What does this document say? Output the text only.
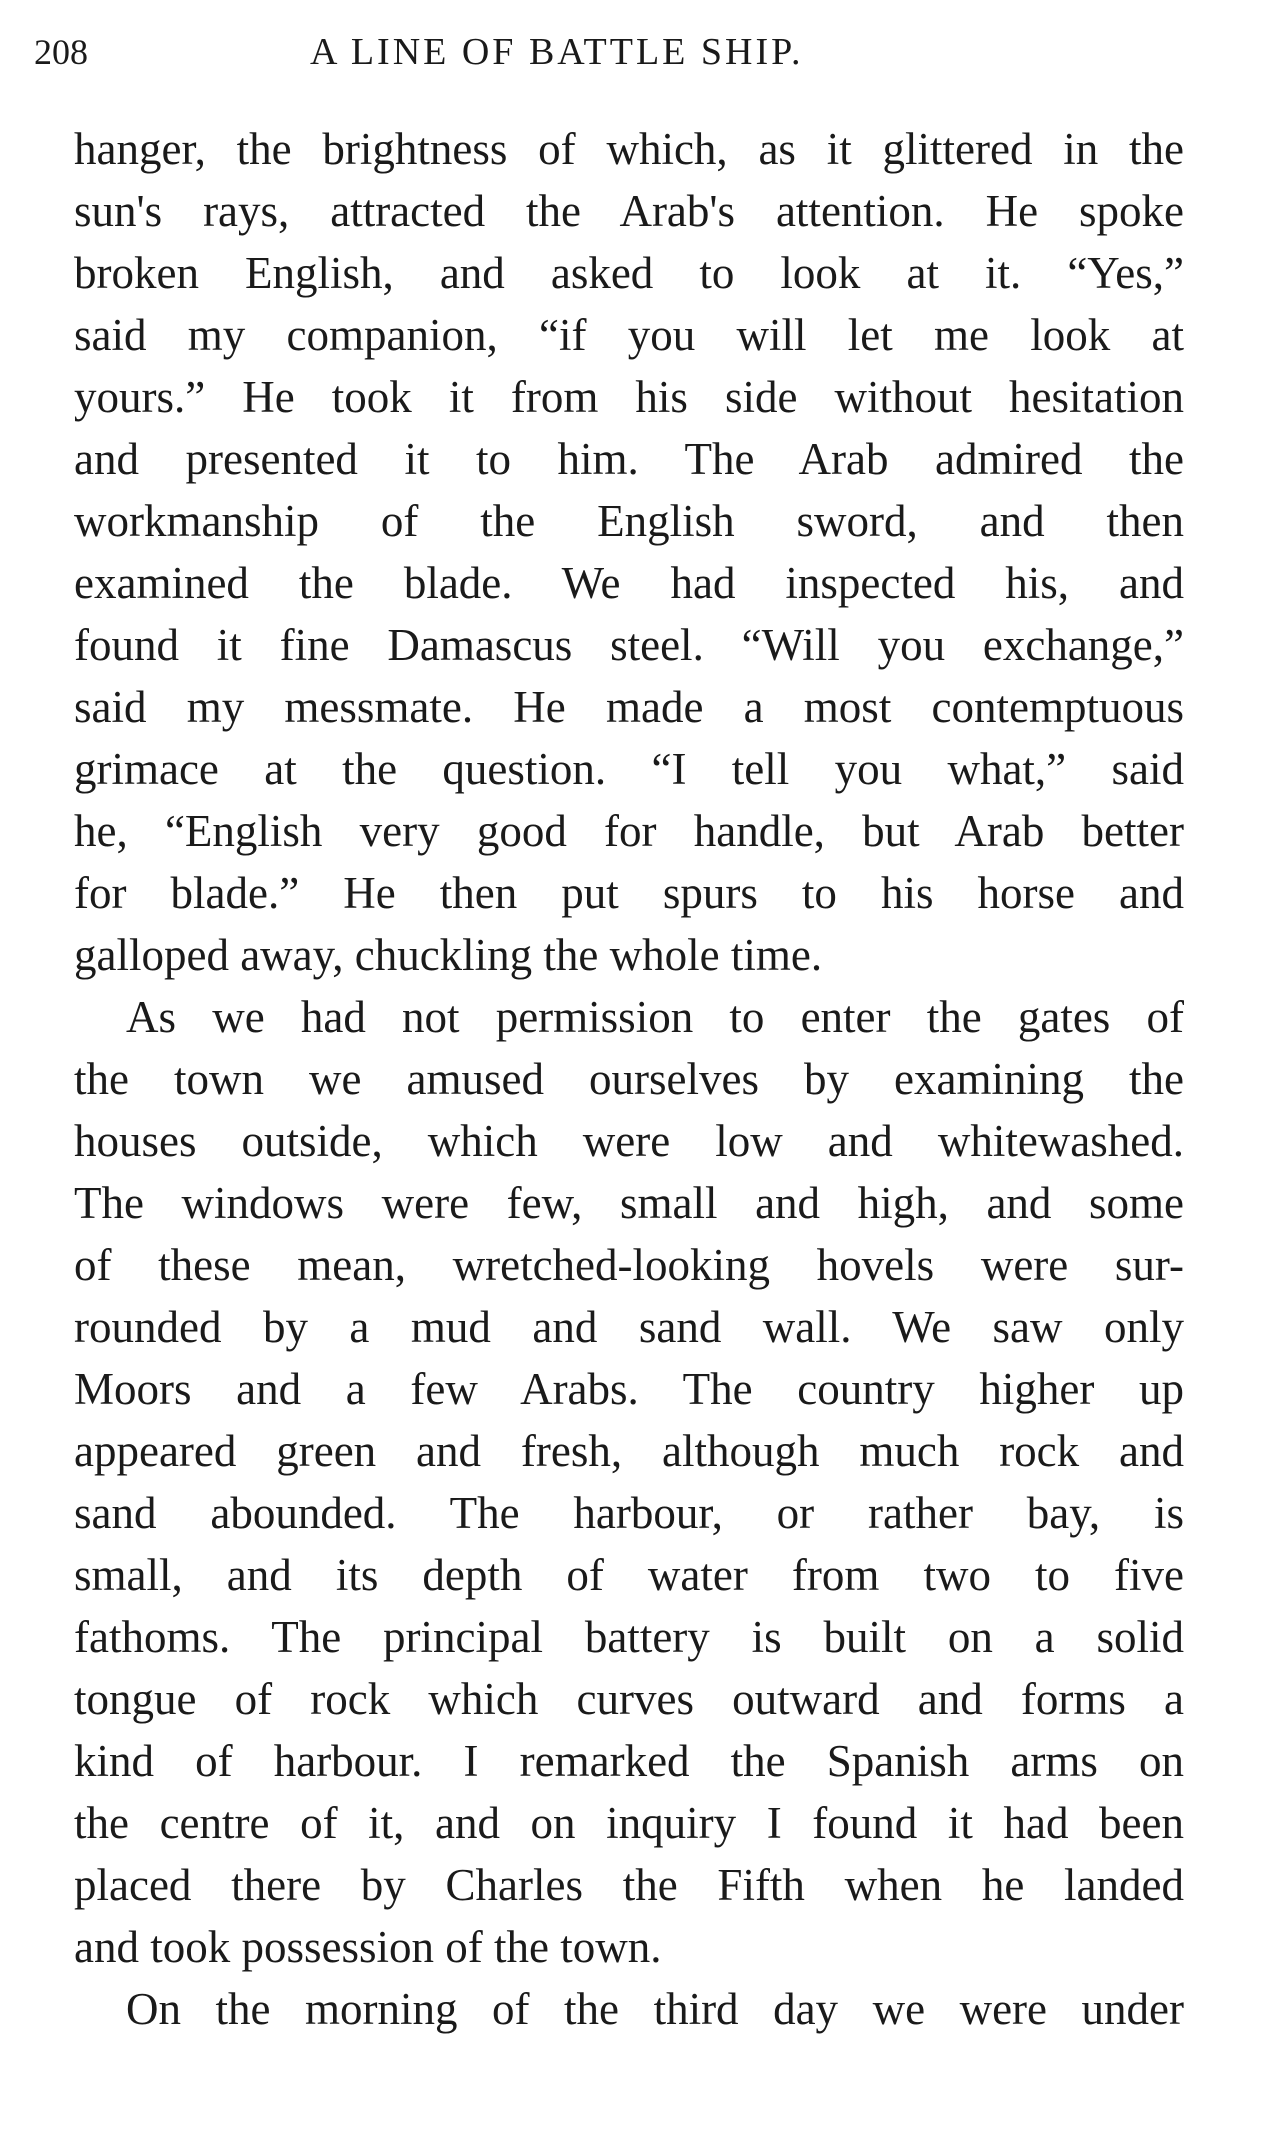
208	A LINE OF BATTLE SHIP.
hanger, the brightness of which, as it glittered in the
sun's rays, attracted the Arab's attention. He spoke
broken English, and asked to look at it. “Yes,”
said my companion, “if you will let me look at
yours.” He took it from his side without hesitation
and presented it to him. The Arab admired the
workmanship of the English sword, and then
examined the blade. We had inspected his, and
found it fine Damascus steel. “Will you exchange,”
said my messmate. He made a most contemptuous
grimace at the question. “I tell you what,” said
he, “English very good for handle, but Arab better
for blade.” He then put spurs to his horse and
galloped away, chuckling the whole time.
As we had not permission to enter the gates of
the town we amused ourselves by examining the
houses outside, which were low and whitewashed.
The windows were few, small and high, and some
of these mean, wretched-looking hovels were sur-
rounded by a mud and sand wall. We saw only
Moors and a few Arabs. The country higher up
appeared green and fresh, although much rock and
sand abounded. The harbour, or rather bay, is
small, and its depth of water from two to five
fathoms. The principal battery is built on a solid
tongue of rock which curves outward and forms a
kind of harbour. I remarked the Spanish arms on
the centre of it, and on inquiry I found it had been
placed there by Charles the Fifth when he landed
and took possession of the town.
On the morning of the third day we were under
